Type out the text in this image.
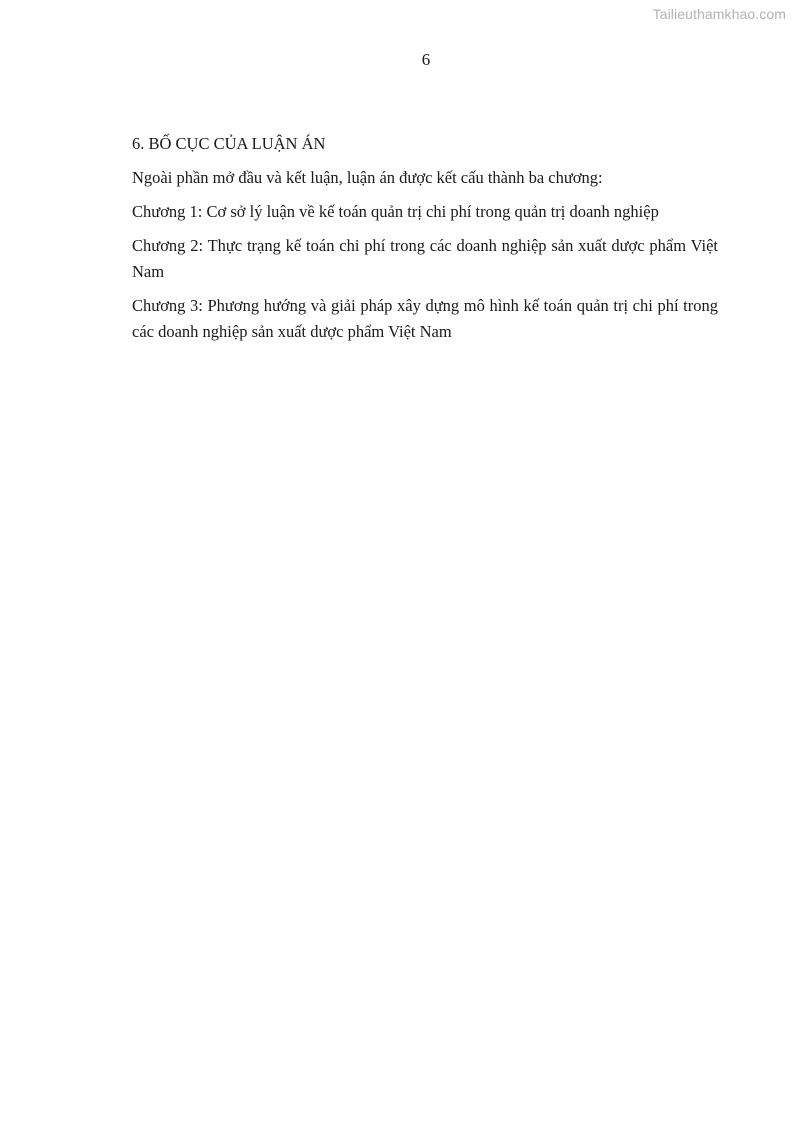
Tailieuthamkhao.com
6
6. BỐ CỤC CỦA LUẬN ÁN

Ngoài phần mở đầu và kết luận, luận án được kết cấu thành ba chương:

Chương 1: Cơ sở lý luận về kế toán quản trị chi phí trong quản trị doanh nghiệp

Chương 2: Thực trạng kế toán chi phí trong các doanh nghiệp sản xuất dược phẩm Việt Nam

Chương 3: Phương hướng và giải pháp xây dựng mô hình kế toán quản trị chi phí trong các doanh nghiệp sản xuất dược phẩm Việt Nam
